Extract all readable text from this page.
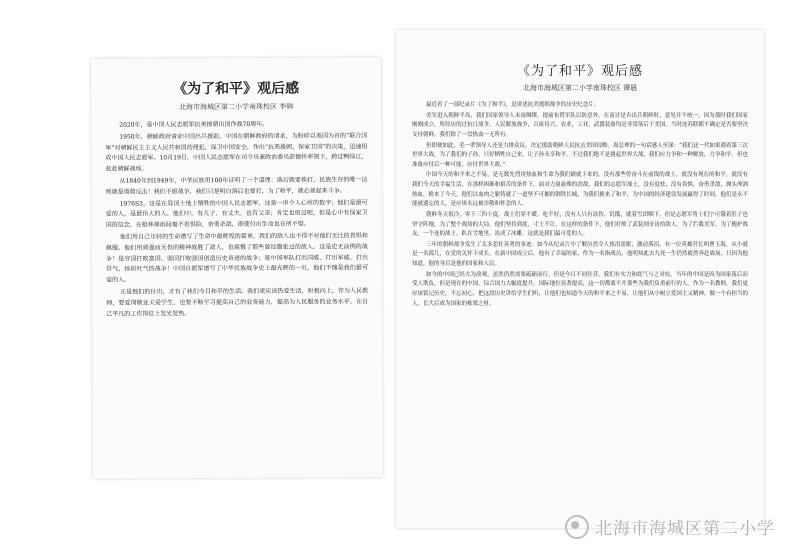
《为了和平》观后感
北海市海城区第二小学南珠校区 李韩

2020年，是中国人民志愿军抗美援朝出国作战70周年。

1950年，朝鲜政府请求中国出兵援助。中国在朝鲜政府的请求，为粉碎以美国为首的“联合国军”对朝鲜民主主义人民共和国的侵犯，保卫中国安全，作出“抗美援朝、保家卫国”的决策，迅速组成中国人民志愿军。10月19日，中国人民志愿军在司令员兼政治委员彭德怀率领下，跨过鸭绿江，赶赴朝鲜战场。

从1840年到1949年，中华民族用100年证明了一个道理：落后就要挨打，民族生存的唯一法则就是勇敢反击！我们不愿战争，我们只是明白落后也要打，为了和平，就必须起来斗争。

1976S3，这是在异国土地上牺牲的中国人民志愿军，这是一串令人心疼的数字；他们是最可爱的人，是最伟大的人。他们中，有儿子、有丈夫、也有父亲；肯定也怕过吧，但是心中有保家卫国的信念，在枪林弹雨间毫不畏惧险，奋勇杀敌，即使付出生命也在所不惜。

他们用自己年轻的生命谱写了生命中最辉煌的篇章，我们的敌人也不得不对他们无比的畏惧和佩服。他们用顽强而无畏的精神战胜了敌人，也震慑了那些曾经嚣张过的敌人。这是史无前例的战争！是穷国打败富国、弱国打败强国创造历史奇迹的战争；是中国军队打出国威、打出军威、打出骨气、扬眉吐气的战争！中国自愿军谱写了中华民族战争史上最光辉的一页，他们不愧是我们最可爱的人。

正是他们的付出，才有了我们今日和平的生活。我们更应该热爱生活，积极向上，作为人民教师，要爱岗敬业关爱学生，也要不断学习提高自己的业务能力，提高为人民服务的业务水平，在自己平凡的工作岗位上发光发热。

《为了和平》观后感
北海市海城区第二小学南珠校区 谭晨

最近看了一部纪录片《为了和平》，是讲述抗美援朝战争的历史纪念片。

美军进入朝鲜半岛，我们国家领导人未雨绸缪，提前布置军队以防意外。在南讨是否出兵朝鲜时，意见并不统一，因为那时我们国家刚刚成立，所经历的过抗日战争，人民解放战争，百废待兴，农业，工业，武器装备均是非常落后于美国。当时连苏联都不确定是否要坚决支持朝鲜，我们除了一盘热血一无所有。

但即便如此，毛一辈领导人还是力排众议，决定援助朝鲜人民抗击美国侵略。周总理的一句话感人至深：“我们这一代如果遇着第三次世界大战，为了我们的子孙，只好牺牲自己来，让子孙永享和平。不过我们绝不是挑起世界大战，我们应力争和一种解放，力争和平。但也准备应付后一种可能，应付世界大战。”

中国今天的和平来之不易，是无数先烈用热血和生命为我们铺就下来的。没有那些曾奋斗在前线的战士，就没有现在的和平，就没有我们今天的幸福生活，在那样困难和艰苦的条件下，面对力量悬殊的劲敌，我们的志愿军战士，没有退怯，没有畏惧，奋勇杀敌，抛头颅洒热血，换来了今天，他们以血肉之躯铸就了一道坚不可摧的钢铁长城，为我们换来了和平，为中国的经济建设发展赢得了时间。他们是永不能被遗忘的人，是应该永远被崇敬和怀念的人。

朝鲜冬天很冷，零下三四十度。战士们穿不暖，吃不好，没有人只有冻伤、饥饿，就着雪团咽下。但是志愿军将士们宁可饿着肚子也坚守阵地，为了整个战场的大局，他们坚持到底，寸土不让。在这样的条件下，他们打败了武装到牙齿的敌人，为了拦截美军，为了掩护战友，一个连的战士，趴在雪地里，冻成了冰雕。这就是我们最可爱的人。

三年的朝鲜战争发生了太多悲壮英勇的事迹。如今从纪录片中了解历然令人热泪盈眶，激动落泪。有一位英雄营长叫曹玉海，从小就是一名孤儿，在党的关怀下成长，在新中国成立后，他有了幸福的家，作为一名指战员，他明知此去九死一生仍然毅然奔赴战场，只因为他知道，他的身后是他的国家和人民。

如今的中国已经大为改观，虽然仍然需要砥砺前行，但是今日不同往昔，我们有实力和底气与之对抗。当年的中国是因为国家落后而受人欺负，但是现在的中国，综合国力大幅度提升，国际地位显著提高，这一切都离不开那些为我们负重前行的人。作为一名教师，我们更应该铭记历史，不忘初心，把这段历史讲给学生们听，让他们也知道今天的和平来之不易，让他们从小树立爱国主义精神，做一个有担当的人，长大后成为国家的栋梁之材。

北海市海城区第二小学
